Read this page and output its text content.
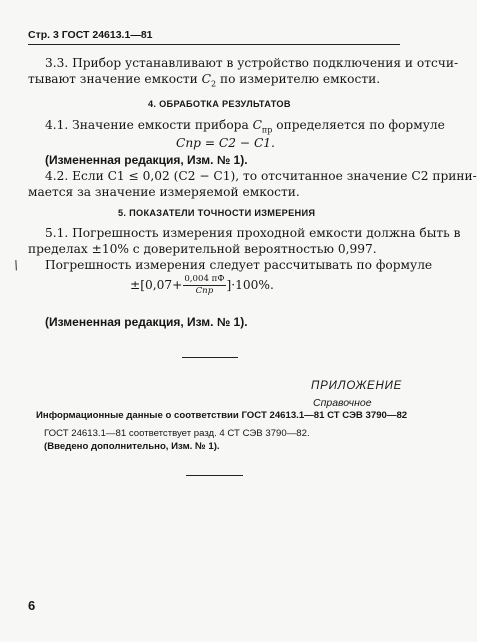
Стр. 3 ГОСТ 24613.1—81
3.3. Прибор устанавливают в устройство подключения и отсчи-
тывают значение емкости $C_2$ по измерителю емкости.
4. ОБРАБОТКА РЕЗУЛЬТАТОВ
4.1. Значение емкости прибора $C_{пр}$ определяется по формуле
Cпр = C2 − C1.
(Измененная редакция, Изм. № 1).
4.2. Если C1 ≤ 0,02 (C2 − C1), то отсчитанное значение C2 прини-
мается за значение измеряемой емкости.
5. ПОКАЗАТЕЛИ ТОЧНОСТИ ИЗМЕРЕНИЯ
5.1. Погрешность измерения проходной емкости должна быть в
пределах ±10% с доверительной вероятностью 0,997.
Погрешность измерения следует рассчитывать по формуле
/
$\pm[0,07+ \frac{0,004 пФ}{\text{Cпр}} ]\cdot 100\%$.
(Измененная редакция, Изм. № 1).
ПРИЛОЖЕНИЕ
Справочное
Информационные данные о соответствии ГОСТ 24613.1—81 СТ СЭВ 3790—82
ГОСТ 24613.1—81 соответствует разд. 4 СТ СЭВ 3790—82.
(Введено дополнительно, Изм. № 1).
6
